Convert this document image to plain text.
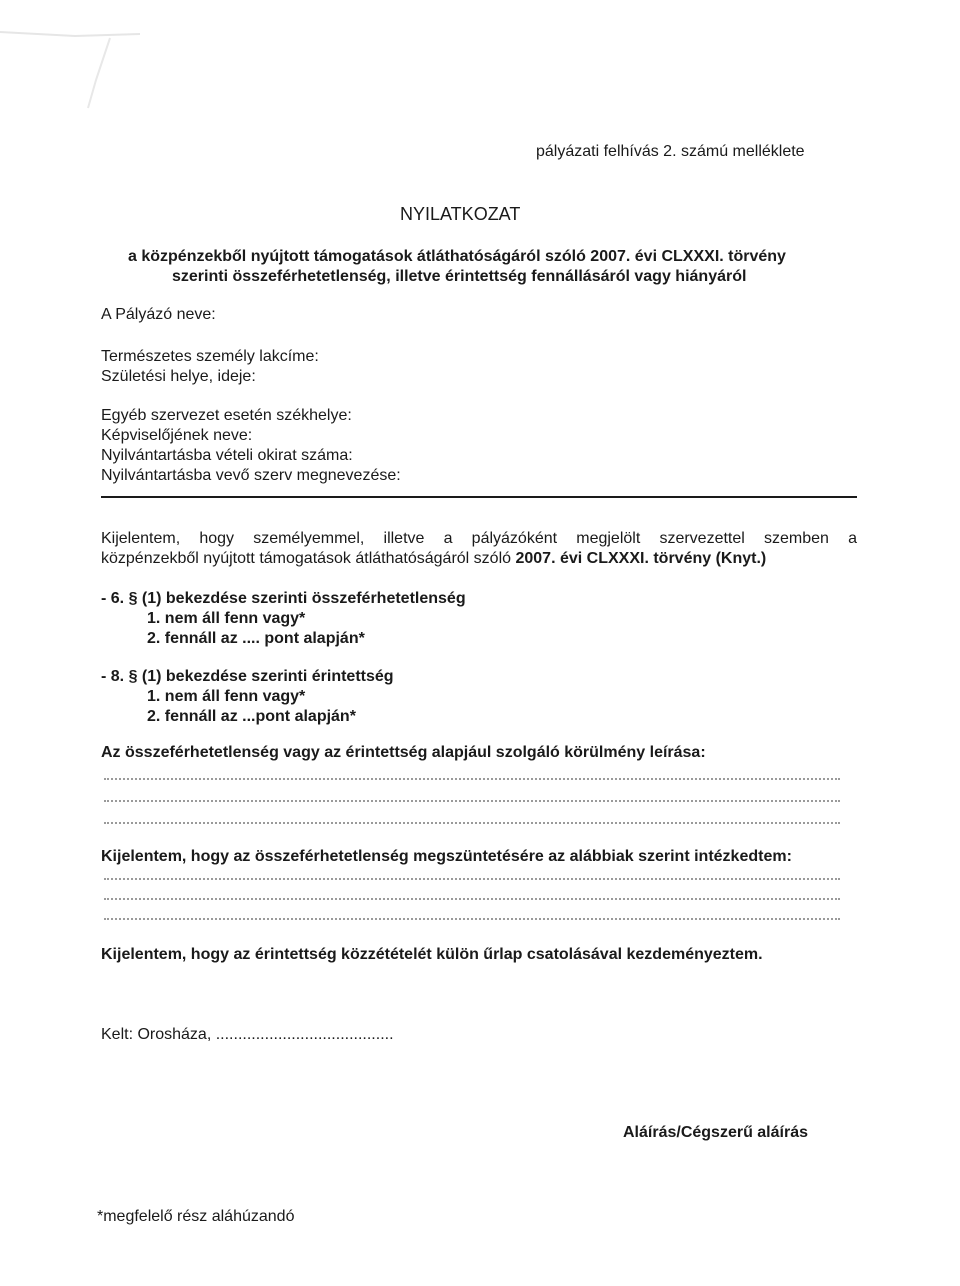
pályázati felhívás 2. számú melléklete
NYILATKOZAT
a közpénzekből nyújtott támogatások átláthatóságáról szóló 2007. évi CLXXXI. törvény
szerinti összeférhetetlenség, illetve érintettség fennállásáról vagy hiányáról
A Pályázó neve:
Természetes személy lakcíme:
Születési helye, ideje:
Egyéb szervezet esetén székhelye:
Képviselőjének neve:
Nyilvántartásba vételi okirat száma:
Nyilvántartásba vevő szerv megnevezése:
Kijelentem, hogy személyemmel, illetve a pályázóként megjelölt szervezettel szemben a
közpénzekből nyújtott támogatások átláthatóságáról szóló 2007. évi CLXXXI. törvény (Knyt.)
- 6. § (1) bekezdése szerinti összeférhetetlenség
1. nem áll fenn vagy*
2. fennáll az .... pont alapján*
- 8. § (1) bekezdése szerinti érintettség
1. nem áll fenn vagy*
2. fennáll az ...pont alapján*
Az összeférhetetlenség vagy az érintettség alapjául szolgáló körülmény leírása:
Kijelentem, hogy az összeférhetetlenség megszüntetésére az alábbiak szerint intézkedtem:
Kijelentem, hogy az érintettség közzétételét külön űrlap csatolásával kezdeményeztem.
Kelt: Orosháza, ........................................
Aláírás/Cégszerű aláírás
*megfelelő rész aláhúzandó
